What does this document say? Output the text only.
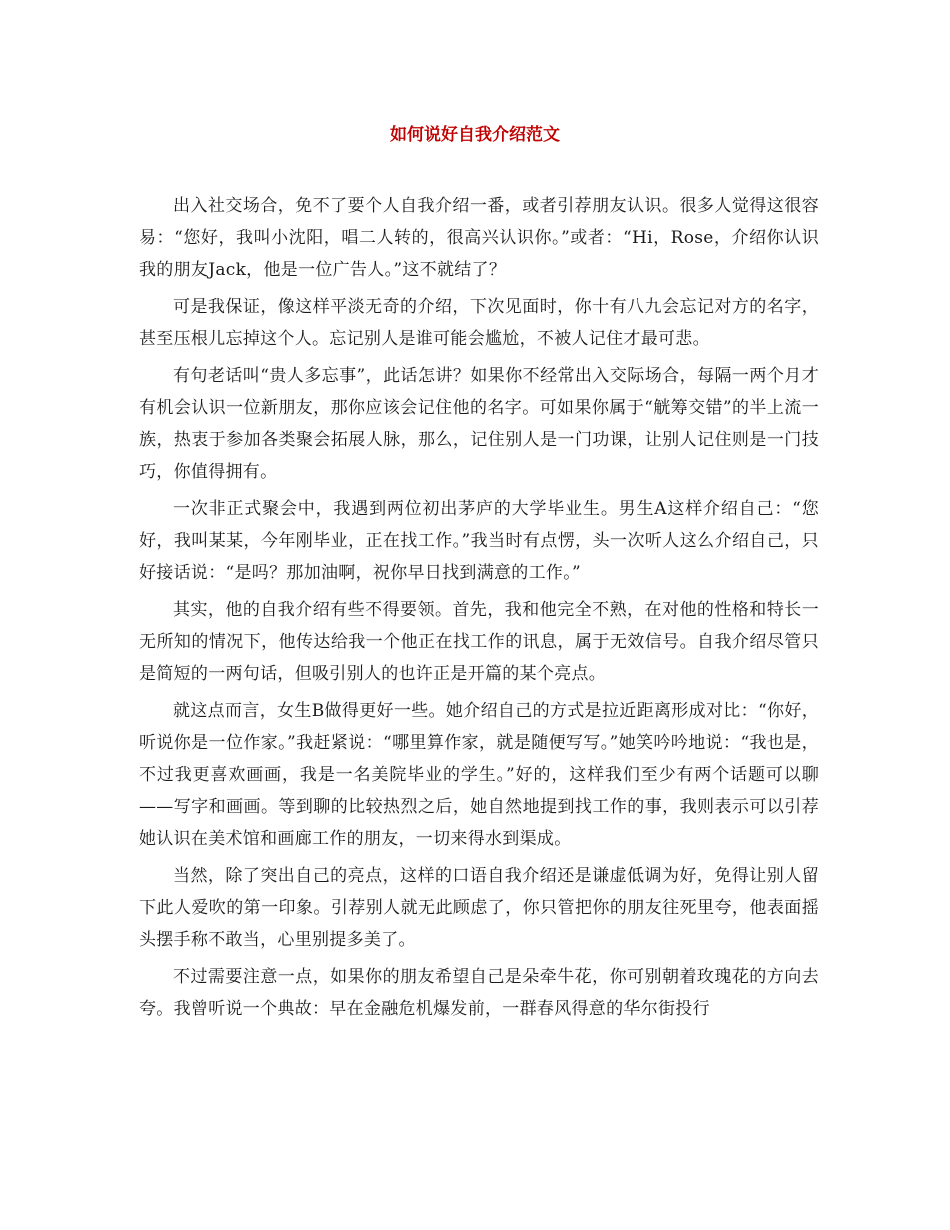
如何说好自我介绍范文

出入社交场合，免不了要个人自我介绍一番，或者引荐朋友认识。很多人觉得这很容易：“您好，我叫小沈阳，唱二人转的，很高兴认识你。”或者：“Hi，Rose，介绍你认识我的朋友Jack，他是一位广告人。”这不就结了？

可是我保证，像这样平淡无奇的介绍，下次见面时，你十有八九会忘记对方的名字，甚至压根儿忘掉这个人。忘记别人是谁可能会尴尬，不被人记住才最可悲。

有句老话叫“贵人多忘事”，此话怎讲？如果你不经常出入交际场合，每隔一两个月才有机会认识一位新朋友，那你应该会记住他的名字。可如果你属于“觥筹交错”的半上流一族，热衷于参加各类聚会拓展人脉，那么，记住别人是一门功课，让别人记住则是一门技巧，你值得拥有。

一次非正式聚会中，我遇到两位初出茅庐的大学毕业生。男生A这样介绍自己：“您好，我叫某某，今年刚毕业，正在找工作。”我当时有点愣，头一次听人这么介绍自己，只好接话说：“是吗？那加油啊，祝你早日找到满意的工作。”

其实，他的自我介绍有些不得要领。首先，我和他完全不熟，在对他的性格和特长一无所知的情况下，他传达给我一个他正在找工作的讯息，属于无效信号。自我介绍尽管只是简短的一两句话，但吸引别人的也许正是开篇的某个亮点。

就这点而言，女生B做得更好一些。她介绍自己的方式是拉近距离形成对比：“你好，听说你是一位作家。”我赶紧说：“哪里算作家，就是随便写写。”她笑吟吟地说：“我也是，不过我更喜欢画画，我是一名美院毕业的学生。”好的，这样我们至少有两个话题可以聊——写字和画画。等到聊的比较热烈之后，她自然地提到找工作的事，我则表示可以引荐她认识在美术馆和画廊工作的朋友，一切来得水到渠成。

当然，除了突出自己的亮点，这样的口语自我介绍还是谦虚低调为好，免得让别人留下此人爱吹的第一印象。引荐别人就无此顾虑了，你只管把你的朋友往死里夸，他表面摇头摆手称不敢当，心里别提多美了。

不过需要注意一点，如果你的朋友希望自己是朵牵牛花，你可别朝着玫瑰花的方向去夸。我曾听说一个典故：早在金融危机爆发前，一群春风得意的华尔街投行
